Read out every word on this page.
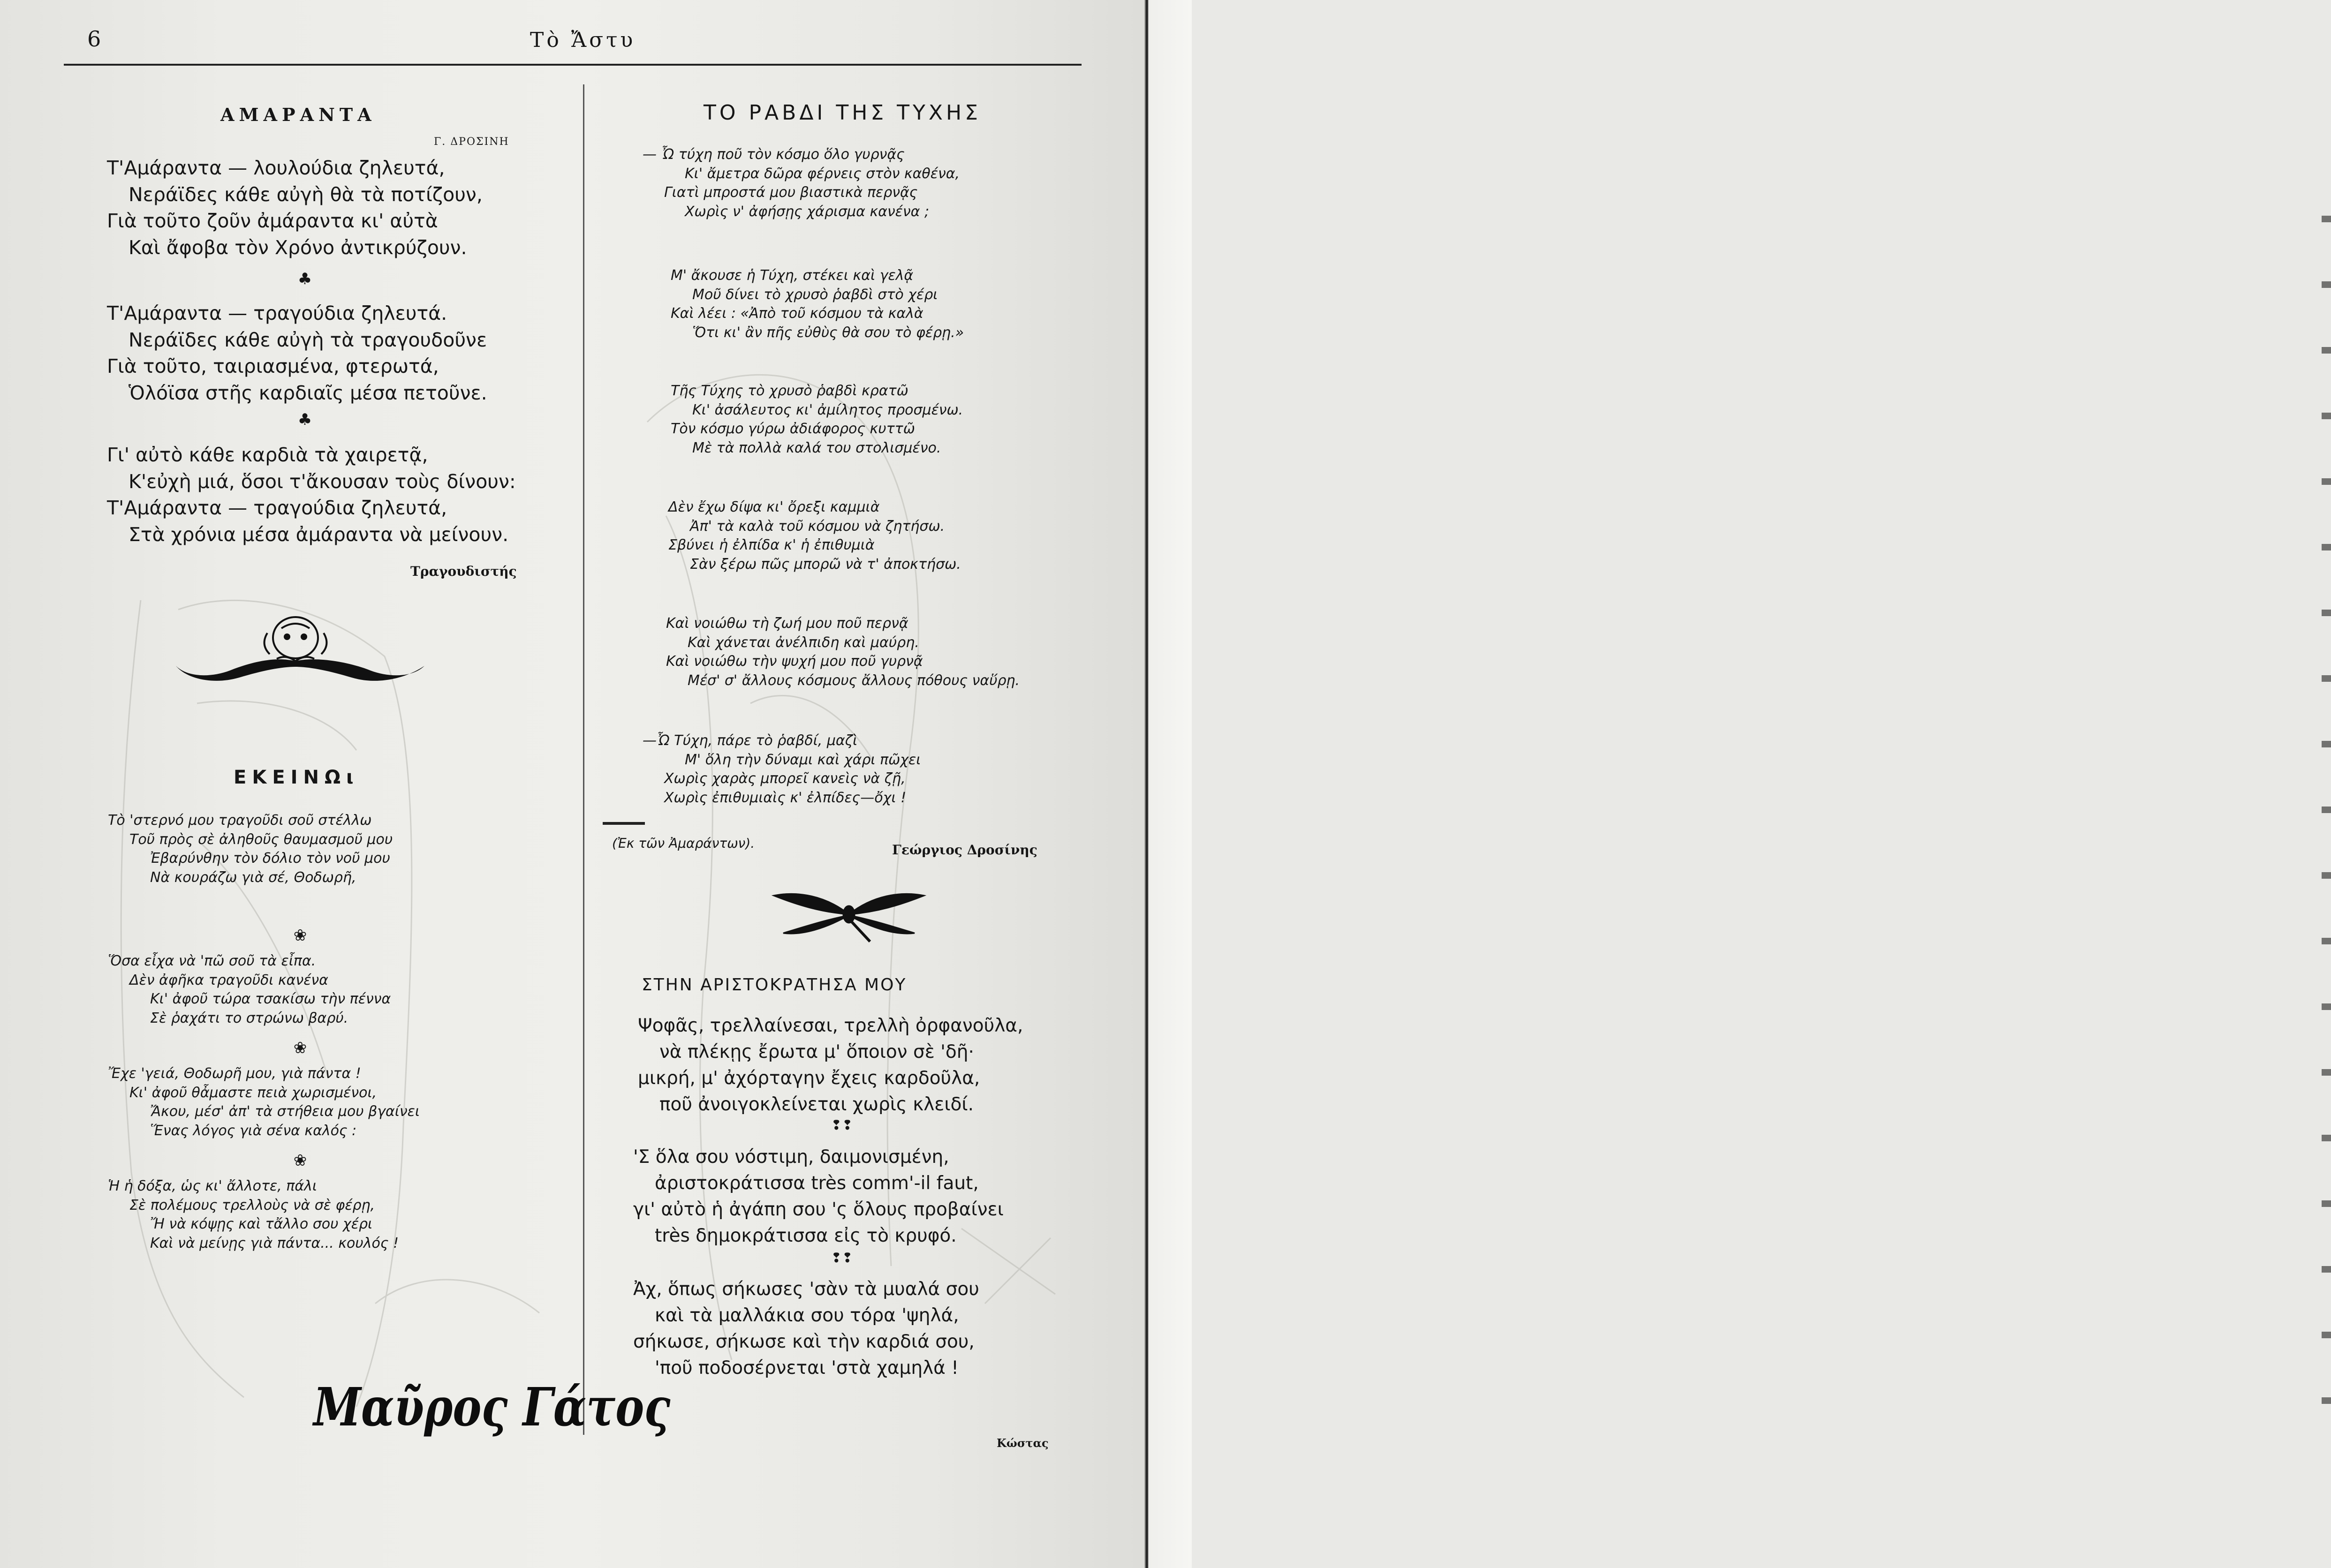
6	Τὸ Ἄστυ
ΑΜΑΡΑΝΤΑ
Γ. ΔΡΟΣΙΝΗ
Τ'Αμάραντα — λουλούδια ζηλευτά,
Νεράϊδες κάθε αὐγὴ θὰ τὰ ποτίζουν,
Γιὰ τοῦτο ζοῦν ἀμάραντα κι' αὐτὰ
Καὶ ἄφοβα τὸν Χρόνο ἀντικρύζουν.
♣
Τ'Αμάραντα — τραγούδια ζηλευτά.
Νεράϊδες κάθε αὐγὴ τὰ τραγουδοῦνε
Γιὰ τοῦτο, ταιριασμένα, φτερωτά,
Ὁλόϊσα στῆς καρδιαῖς μέσα πετοῦνε.
♣
Γι' αὐτὸ κάθε καρδιὰ τὰ χαιρετᾷ,
Κ'εὐχὴ μιά, ὅσοι τ'ἄκουσαν τοὺς δίνουν:
Τ'Αμάραντα — τραγούδια ζηλευτά,
Στὰ χρόνια μέσα ἀμάραντα νὰ μείνουν.
Τραγουδιστής
ΕΚΕΙΝΩι
Τὸ 'στερνό μου τραγοῦδι σοῦ στέλλω
Τοῦ πρὸς σὲ ἀληθοῦς θαυμασμοῦ μου
Ἐβαρύνθην τὸν δόλιο τὸν νοῦ μου
Νὰ κουράζω γιὰ σέ, Θοδωρῆ,
❀
Ὅσα εἶχα νὰ 'πῶ σοῦ τὰ εἶπα.
Δὲν ἀφῆκα τραγοῦδι κανένα
Κι' ἀφοῦ τώρα τσακίσω τὴν πέννα
Σὲ ῥαχάτι το στρώνω βαρύ.
❀
Ἔχε 'γειά, Θοδωρῆ μου, γιὰ πάντα !
Κι' ἀφοῦ θἆμαστε πειὰ χωρισμένοι,
Ἄκου, μέσ' ἀπ' τὰ στήθεια μου βγαίνει
Ἕνας λόγος γιὰ σένα καλός :
❀
Ἡ ἡ δόξα, ὡς κι' ἄλλοτε, πάλι
Σὲ πολέμους τρελλοὺς νὰ σὲ φέρῃ,
Ἤ νὰ κόψῃς καὶ τἄλλο σου χέρι
Καὶ νὰ μείνῃς γιὰ πάντα... κουλός !
Μαῦρος Γάτος
ΤΟ ΡΑΒΔΙ ΤΗΣ ΤΥΧΗΣ
— Ὦ τύχη ποῦ τὸν κόσμο ὅλο γυρνᾷς
Κι' ἄμετρα δῶρα φέρνεις στὸν καθένα,
Γιατὶ μπροστά μου βιαστικὰ περνᾷς
Χωρὶς ν' ἀφήσῃς χάρισμα κανένα ;
Μ' ἄκουσε ἡ Τύχη, στέκει καὶ γελᾷ
Μοῦ δίνει τὸ χρυσὸ ῥαβδὶ στὸ χέρι
Καὶ λέει : «Ἀπὸ τοῦ κόσμου τὰ καλὰ
Ὅτι κι' ἂν πῆς εὐθὺς θὰ σου τὸ φέρῃ.»
Τῆς Τύχης τὸ χρυσὸ ῥαβδὶ κρατῶ
Κι' ἀσάλευτος κι' ἀμίλητος προσμένω.
Τὸν κόσμο γύρω ἀδιάφορος κυττῶ
Μὲ τὰ πολλὰ καλά του στολισμένο.
Δὲν ἔχω δίψα κι' ὄρεξι καμμιὰ
Ἀπ' τὰ καλὰ τοῦ κόσμου νὰ ζητήσω.
Σβύνει ἡ ἐλπίδα κ' ἡ ἐπιθυμιὰ
Σὰν ξέρω πῶς μπορῶ νὰ τ' ἀποκτήσω.
Καὶ νοιώθω τὴ ζωή μου ποῦ περνᾷ
Καὶ χάνεται ἀνέλπιδη καὶ μαύρη.
Καὶ νοιώθω τὴν ψυχή μου ποῦ γυρνᾷ
Μέσ' σ' ἄλλους κόσμους ἄλλους πόθους ναὕρῃ.
—Ὦ Τύχη, πάρε τὸ ῥαβδί, μαζὶ
Μ' ὅλη τὴν δύναμι καὶ χάρι πῶχει
Χωρὶς χαρὰς μπορεῖ κανεὶς νὰ ζῇ,
Χωρὶς ἐπιθυμιαὶς κ' ἐλπίδες—ὄχι !
(Ἐκ τῶν Ἀμαράντων).	Γεώργιος Δροσίνης
ΣΤΗΝ ΑΡΙΣΤΟΚΡΑΤΗΣΑ ΜΟΥ
Ψοφᾶς, τρελλαίνεσαι, τρελλὴ ὀρφανοῦλα,
νὰ πλέκῃς ἔρωτα μ' ὅποιον σὲ 'δῆ·
μικρή, μ' ἀχόρταγην ἔχεις καρδοῦλα,
ποῦ ἀνοιγοκλείνεται χωρὶς κλειδί.
❢❢
'Σ ὅλα σου νόστιμη, δαιμονισμένη,
ἀριστοκράτισσα très comm'-il faut,
γι' αὐτὸ ἡ ἀγάπη σου 'ς ὅλους προβαίνει
très δημοκράτισσα εἰς τὸ κρυφό.
❢❢
Ἀχ, ὅπως σήκωσες 'σὰν τὰ μυαλά σου
καὶ τὰ μαλλάκια σου τόρα 'ψηλά,
σήκωσε, σήκωσε καὶ τὴν καρδιά σου,
'ποῦ ποδοσέρνεται 'στὰ χαμηλά !
Κώστας
